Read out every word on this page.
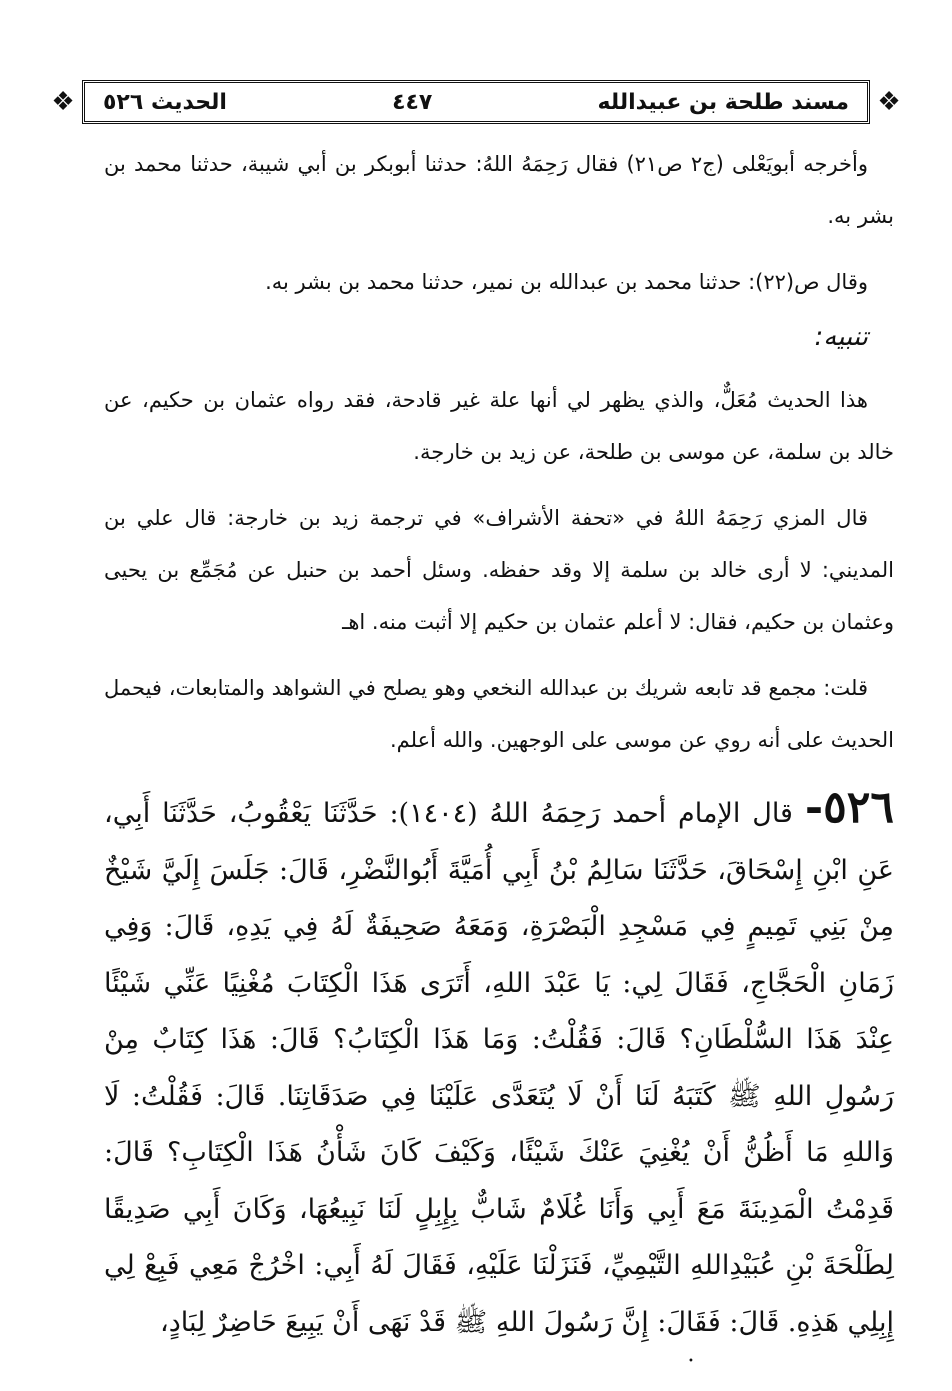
❖
❖	مسند طلحة بن عبيدالله
٤٤٧
الحديث ٥٢٦

وأخرجه أبويَعْلى (ج٢ ص٢١) فقال رَحِمَهُ اللهُ: حدثنا أبوبكر بن أبي شيبة، حدثنا محمد بن بشر به.

وقال ص(٢٢): حدثنا محمد بن عبدالله بن نمير، حدثنا محمد بن بشر به.

تنبيه:

هذا الحديث مُعَلٌّ، والذي يظهر لي أنها علة غير قادحة، فقد رواه عثمان بن حكيم، عن خالد بن سلمة، عن موسى بن طلحة، عن زيد بن خارجة.

قال المزي رَحِمَهُ اللهُ في «تحفة الأشراف» في ترجمة زيد بن خارجة: قال علي بن المديني: لا أرى خالد بن سلمة إلا وقد حفظه. وسئل أحمد بن حنبل عن مُجَمِّع بن يحيى وعثمان بن حكيم، فقال: لا أعلم عثمان بن حكيم إلا أثبت منه. اهـ

قلت: مجمع قد تابعه شريك بن عبدالله النخعي وهو يصلح في الشواهد والمتابعات، فيحمل الحديث على أنه روي عن موسى على الوجهين. والله أعلم.

٥٢٦- قال الإمام أحمد رَحِمَهُ اللهُ (١٤٠٤): حَدَّثَنَا يَعْقُوبُ، حَدَّثَنَا أَبِي، عَنِ ابْنِ إِسْحَاقَ، حَدَّثَنَا سَالِمُ بْنُ أَبِي أُمَيَّةَ أَبُوالنَّضْرِ، قَالَ: جَلَسَ إِلَيَّ شَيْخٌ مِنْ بَنِي تَمِيمٍ فِي مَسْجِدِ الْبَصْرَةِ، وَمَعَهُ صَحِيفَةٌ لَهُ فِي يَدِهِ، قَالَ: وَفِي زَمَانِ الْحَجَّاجِ، فَقَالَ لِي: يَا عَبْدَ اللهِ، أَتَرَى هَذَا الْكِتَابَ مُغْنِيًا عَنِّي شَيْئًا عِنْدَ هَذَا السُّلْطَانِ؟ قَالَ: فَقُلْتُ: وَمَا هَذَا الْكِتَابُ؟ قَالَ: هَذَا كِتَابٌ مِنْ رَسُولِ اللهِ ﷺ كَتَبَهُ لَنَا أَنْ لَا يُتَعَدَّى عَلَيْنَا فِي صَدَقَاتِنَا. قَالَ: فَقُلْتُ: لَا وَاللهِ مَا أَظُنُّ أَنْ يُغْنِيَ عَنْكَ شَيْئًا، وَكَيْفَ كَانَ شَأْنُ هَذَا الْكِتَابِ؟ قَالَ: قَدِمْتُ الْمَدِينَةَ مَعَ أَبِي وَأَنَا غُلَامٌ شَابٌّ بِإِبِلٍ لَنَا نَبِيعُهَا، وَكَانَ أَبِي صَدِيقًا لِطَلْحَةَ بْنِ عُبَيْدِاللهِ التَّيْمِيِّ، فَنَزَلْنَا عَلَيْهِ، فَقَالَ لَهُ أَبِي: اخْرُجْ مَعِي فَبِعْ لِي إِبِلِي هَذِهِ. قَالَ: فَقَالَ: إِنَّ رَسُولَ اللهِ ﷺ قَدْ نَهَى أَنْ يَبِيعَ حَاضِرٌ لِبَادٍ،
•
